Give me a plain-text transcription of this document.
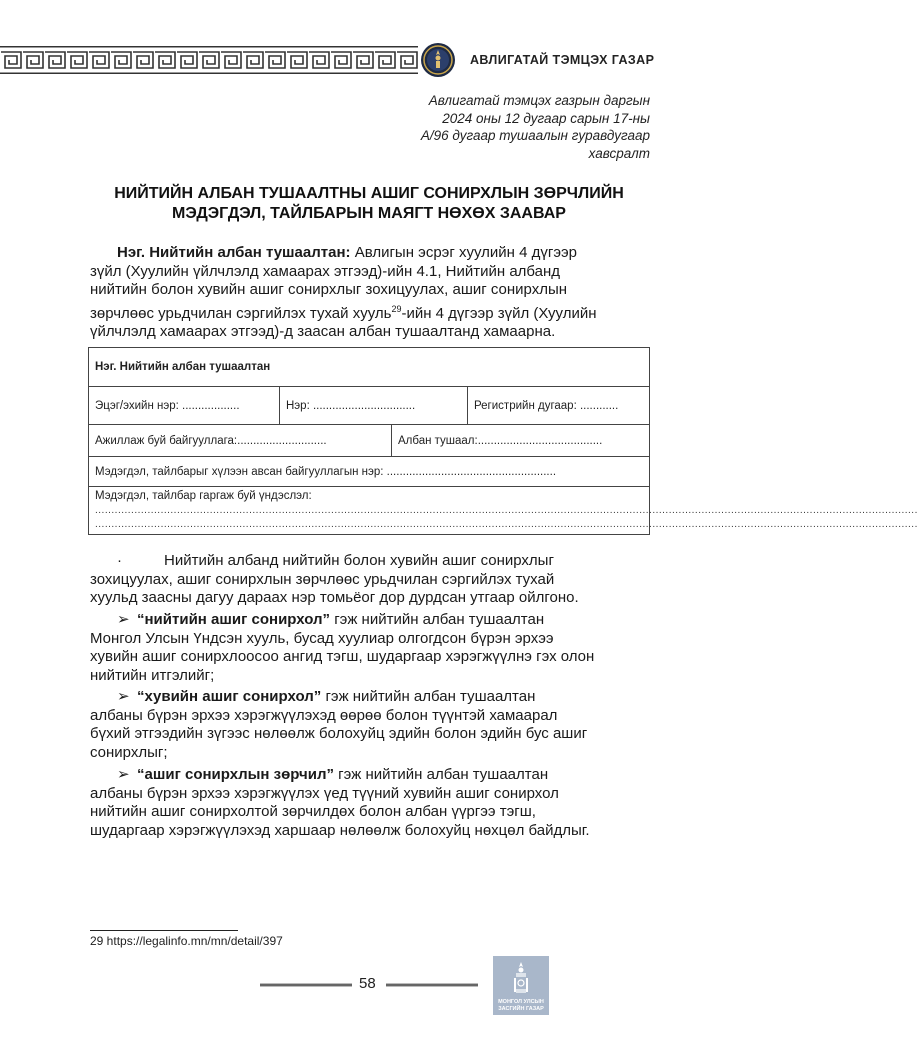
АВЛИГАТАЙ ТЭМЦЭХ ГАЗАР
Авлигатай тэмцэх газрын даргын
2024 оны 12 дугаар сарын 17-ны
А/96 дугаар тушаалын гуравдугаар
хавсралт
НИЙТИЙН АЛБАН ТУШААЛТНЫ АШИГ СОНИРХЛЫН ЗӨРЧЛИЙН
МЭДЭГДЭЛ, ТАЙЛБАРЫН МАЯГТ НӨХӨХ ЗААВАР
Нэг. Нийтийн албан тушаалтан: Авлигын эсрэг хуулийн 4 дүгээр
зүйл (Хуулийн үйлчлэлд хамаарах этгээд)-ийн 4.1, Нийтийн албанд
нийтийн болон хувийн ашиг сонирхлыг зохицуулах, ашиг сонирхлын
зөрчлөөс урьдчилан сэргийлэх тухай хууль$^{29}$-ийн 4 дүгээр зүйл (Хуулийн
үйлчлэлд хамаарах этгээд)-д заасан албан тушаалтанд хамаарна.
Нэг. Нийтийн албан тушаалтан
Эцэг/эхийн нэр: ..................	Нэр: ................................	Регистрийн дугаар: ............
Ажиллаж буй байгууллага:............................	Албан тушаал:.......................................
Мэдэгдэл, тайлбарыг хүлээн авсан байгууллагын нэр: .....................................................
Мэдэгдэл, тайлбар гаргаж буй үндэслэл:
...........................................................................................................................................................................................................................................................
...........................................................................................................................................................................................................................................................
·	Нийтийн албанд нийтийн болон хувийн ашиг сонирхлыг
зохицуулах, ашиг сонирхлын зөрчлөөс урьдчилан сэргийлэх тухай
хуульд заасны дагуу дараах нэр томьёог дор дурдсан утгаар ойлгоно.
➢ “нийтийн ашиг сонирхол” гэж нийтийн албан тушаалтан
Монгол Улсын Үндсэн хууль, бусад хуулиар олгогдсон бүрэн эрхээ
хувийн ашиг сонирхлоосоо ангид тэгш, шударгаар хэрэгжүүлнэ гэх олон
нийтийн итгэлийг;
➢ “хувийн ашиг сонирхол” гэж нийтийн албан тушаалтан
албаны бүрэн эрхээ хэрэгжүүлэхэд өөрөө болон түүнтэй хамаарал
бүхий этгээдийн зүгээс нөлөөлж болохуйц эдийн болон эдийн бус ашиг
сонирхлыг;
➢ “ашиг сонирхлын зөрчил” гэж нийтийн албан тушаалтан
албаны бүрэн эрхээ хэрэгжүүлэх үед түүний хувийн ашиг сонирхол
нийтийн ашиг сонирхолтой зөрчилдөх болон албан үүргээ тэгш,
шударгаар хэрэгжүүлэхэд харшаар нөлөөлж болохуйц нөхцөл байдлыг.
29 https://legalinfo.mn/mn/detail/397
58
МОНГОЛ УЛСЫН
ЗАСГИЙН ГАЗАР
